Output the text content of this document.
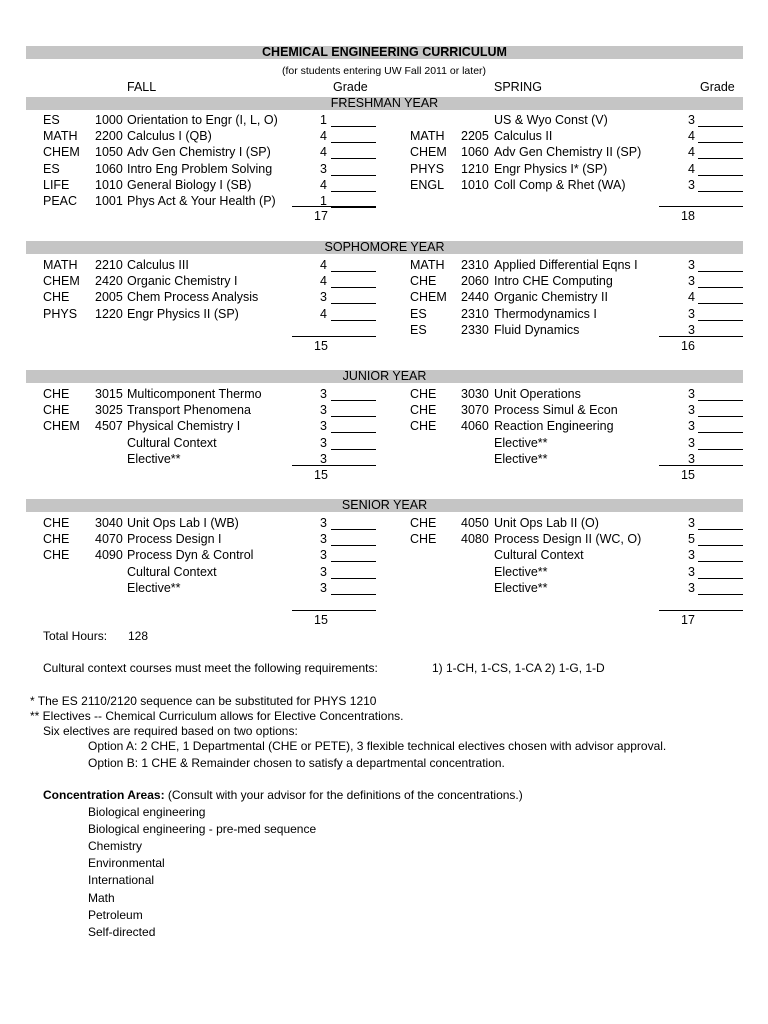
CHEMICAL ENGINEERING CURRICULUM
(for students entering UW Fall 2011 or later)
FALL	Grade	SPRING	Grade
FRESHMAN YEAR
ES	1000 Orientation to Engr (I, L, O)	1
MATH 2200 Calculus I (QB)	4
CHEM 1050 Adv Gen Chemistry I (SP)	4
ES	1060 Intro Eng Problem Solving	3
LIFE 1010 General Biology I (SB)	4
PEAC 1001 Phys Act & Your Health (P)	1
17
US & Wyo Const (V)	3
MATH 2205 Calculus II	4
CHEM 1060 Adv Gen Chemistry II (SP)	4
PHYS 1210 Engr Physics I* (SP)	4
ENGL 1010 Coll Comp & Rhet (WA)	3
18
SOPHOMORE YEAR
MATH 2210 Calculus III	4
CHEM 2420 Organic Chemistry I	4
CHE 2005 Chem Process Analysis	3
PHYS 1220 Engr Physics II (SP)	4
15
MATH 2310 Applied Differential Eqns I	3
CHE 2060 Intro CHE Computing	3
CHEM 2440 Organic Chemistry II	4
ES	2310 Thermodynamics I	3
ES	2330 Fluid Dynamics	3
16
JUNIOR YEAR
CHE 3015 Multicomponent Thermo	3
CHE 3025 Transport Phenomena	3
CHEM 4507 Physical Chemistry I	3
Cultural Context	3
Elective**	3
15
CHE 3030 Unit Operations	3
CHE 3070 Process Simul & Econ	3
CHE 4060 Reaction Engineering	3
Elective**	3
Elective**	3
15
SENIOR YEAR
CHE 3040 Unit Ops Lab I (WB)	3
CHE 4070 Process Design I	3
CHE 4090 Process Dyn & Control	3
Cultural Context	3
Elective**	3
15
CHE 4050 Unit Ops Lab II (O)	3
CHE 4080 Process Design II (WC, O)	5
Cultural Context	3
Elective**	3
Elective**	3
17
Total Hours: 128
Cultural context courses must meet the following requirements:	1) 1-CH, 1-CS, 1-CA 2) 1-G, 1-D
* The ES 2110/2120 sequence can be substituted for PHYS 1210
** Electives -- Chemical Curriculum allows for Elective Concentrations.
Six electives are required based on two options:
Option A: 2 CHE, 1 Departmental (CHE or PETE), 3 flexible technical electives chosen with advisor approval.
Option B: 1 CHE & Remainder chosen to satisfy a departmental concentration.
Concentration Areas: (Consult with your advisor for the definitions of the concentrations.)
Biological engineering
Biological engineering - pre-med sequence
Chemistry
Environmental
International
Math
Petroleum
Self-directed
